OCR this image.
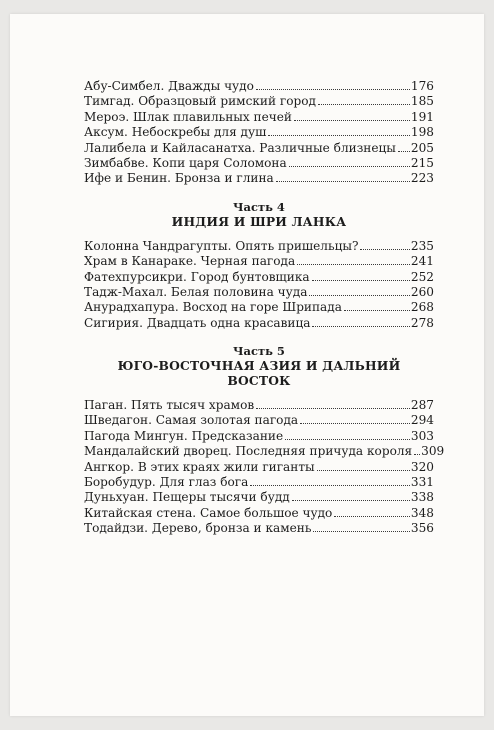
Абу-Симбел. Дважды чудо	176
Тимгад. Образцовый римский город	185
Мероэ. Шлак плавильных печей	191
Аксум. Небоскребы для душ	198
Лалибела и Кайласанатха. Различные близнецы 205
Зимбабве. Копи царя Соломона	215
Ифе и Бенин. Бронза и глина	223
Часть 4
ИНДИЯ И ШРИ ЛАНКА
Колонна Чандрагупты. Опять пришельцы?	235
Храм в Канараке. Черная пагода	241
Фатехпурсикри. Город бунтовщика	252
Тадж-Махал. Белая половина чуда	260
Анурадхапура. Восход на горе Шрипада	268
Сигирия. Двадцать одна красавица	278
Часть 5
ЮГО-ВОСТОЧНАЯ АЗИЯ И ДАЛЬНИЙ ВОСТОК
Паган. Пять тысяч храмов	287
Шведагон. Самая золотая пагода	294
Пагода Мингун. Предсказание	303
Мандалайский дворец. Последняя причуда короля 309
Ангкор. В этих краях жили гиганты	320
Боробудур. Для глаз бога	331
Дуньхуан. Пещеры тысячи будд	338
Китайская стена. Самое большое чудо	348
Тодайдзи. Дерево, бронза и камень	356
